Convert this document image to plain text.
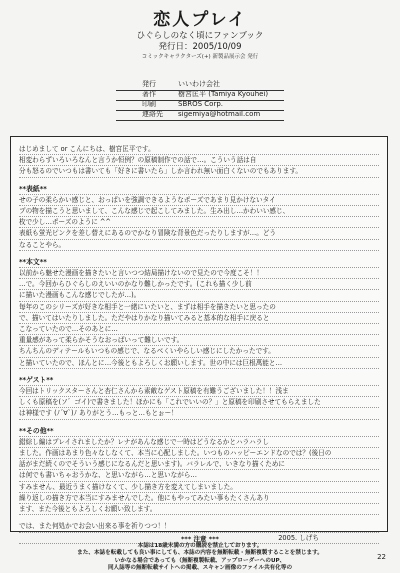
恋人プレイ
ひぐらしのなく頃にファンブック
発行日：2005/10/09
コミックキャラクターズ(+) 新製品展示会 発行
発行	いいわけ会社
著作	樹宮匡平 (Tamiya Kyouhei)
印刷	SBROS Corp.
連絡先 sigemiya@hotmail.com
はじめまして or こんにちは、樹宮匡平です。
相変わらずいろいろなんと言うか恒例？の原稿制作での話で…。こういう話は自
分も怒るのでいつもは書いても「好きに書いたら」しか言われ無い面白くないのでもあります。
**表紙**
せの子の柔らかい感じと、おっぱいを強調できるようなポーズであまり見かけないタイ
プの物を描こうと思いまして、こんな感じで起こしてみました。生み出し…かわいい感じ、
枚で少し…ポーズのように ^^
表紙も蛍光ピンクを差し替えにあるのでかなり冒険な背景色だったりしますが…。どう
なることやら。
**本文**
以前から魅せた漫画を描きたいと言いつつ結局描けないので見たので今度こそ！！
…で。今回からひぐらしのえいいのかなり難しかったです。(これも描く少し前
に描いた漫画もこんな感じでしたが…)。
毎年のこのシリーズが好きな相手と一緒にいたいと、まずは相手を描きたいと思ったの
で、描いてはいたりしました。ただやはりかなり描いてみると基本的な相手に戻ると
こなっていたので…そのあとに…
重量感があって柔らかそうなおっぱいって難しいです。
ちんちんのディテールもいつもの感じで、なるべくいやらしい感じにしたかったです。
と描いていたので、ほんとに…今後ともよろしくお願いします。世の中には巨根萬能と…
**ゲスト**
今回はトリックスターさんと杏仁さんから素敵なゲスト原稿を有難うございました！！浅ま
しくも原稿を(ソ゛ゴイ)で書きました！ほかにも「これでいいの？」と原稿を印刷させてもらえました
は神様です (ﾉ´∀`)ﾉ ありがとう…もっと…もとぉー！
**その他**
錯綜し編はプレイされましたか？レナがあんな感じで一時はどうなるかとハラハラし
ました。作画はあまり色々なしなくて、本当に心配しました。いつものハッピーエンドなのでは？(後日の
話がまだ続くのでそういう感じになるんだと思います)。バラレルで、いきなり描くために
は何でも書いちゃおうかな、と思いながら…と思いながら…
すみません、最近うまく描けなくて、少し描き方を変えてしまいました。
繰り返しの描き方で本当にすみませんでした。他にもやってみたい事もたくさんあり
ます、また今後ともよろしくお願い致します。
では、また何処かでお会い出来る事を祈りつつ！！
2005. しげち
*** 注意 ***
本誌は18歳未満の方の購読を禁止しております。
また、本誌を転載しても良い事にしても、本誌の内容を無断転載・無断複製することを禁じます。
いかなる場合であっても（無断複製転載、アップローダーへのUP、
同人誌等の無断転載サイトへの掲載、スキャン画像のファイル共有化等の
22
